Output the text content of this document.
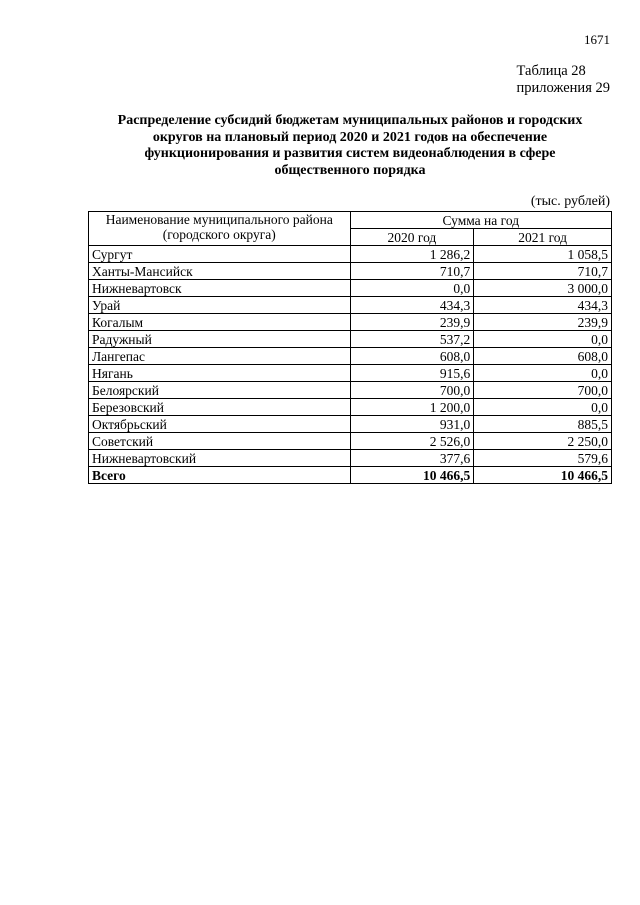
1671
Таблица 28
приложения 29
Распределение субсидий бюджетам муниципальных районов и городских
округов на плановый период 2020 и 2021 годов на обеспечение
функционирования и развития систем видеонаблюдения в сфере
общественного порядка
(тыс. рублей)
Наименование муниципального района
(городского округа)	Сумма на год	
	2020 год	2021 год
Сургут	1 286,2	1 058,5
Ханты-Мансийск	710,7	710,7
Нижневартовск	0,0	3 000,0
Урай	434,3	434,3
Когалым	239,9	239,9
Радужный	537,2	0,0
Лангепас	608,0	608,0
Нягань	915,6	0,0
Белоярский	700,0	700,0
Березовский	1 200,0	0,0
Октябрьский	931,0	885,5
Советский	2 526,0	2 250,0
Нижневартовский	377,6	579,6
Всего	10 466,5	10 466,5
